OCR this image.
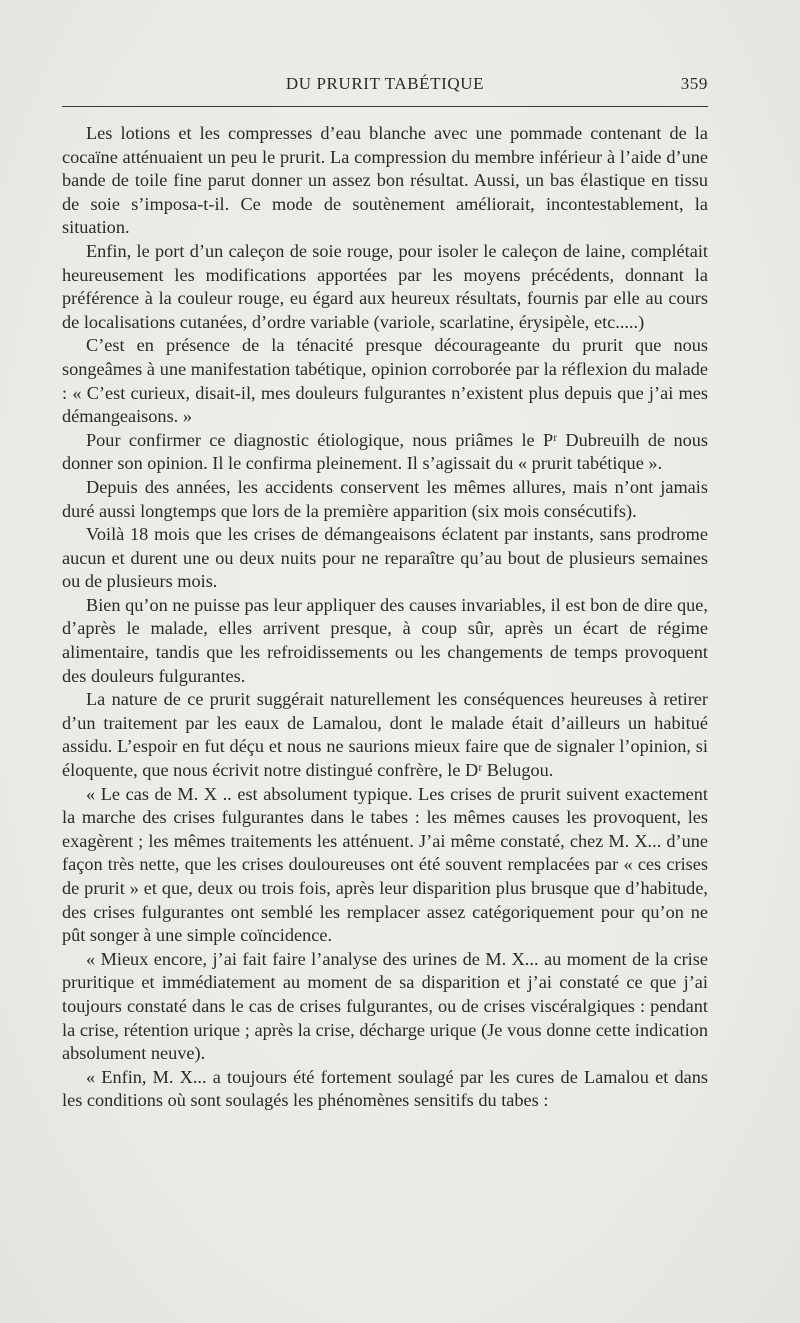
DU PRURIT TABÉTIQUE	359

Les lotions et les compresses d’eau blanche avec une pommade contenant de la cocaïne atténuaient un peu le prurit. La compression du membre inférieur à l’aide d’une bande de toile fine parut donner un assez bon résultat. Aussi, un bas élastique en tissu de soie s’imposa-t-il. Ce mode de soutènement améliorait, incontestablement, la situation.

Enfin, le port d’un caleçon de soie rouge, pour isoler le caleçon de laine, complétait heureusement les modifications apportées par les moyens précédents, donnant la préférence à la couleur rouge, eu égard aux heureux résultats, fournis par elle au cours de localisations cutanées, d’ordre variable (variole, scarlatine, érysipèle, etc.....)

C’est en présence de la ténacité presque décourageante du prurit que nous songeâmes à une manifestation tabétique, opinion corroborée par la réflexion du malade : « C’est curieux, disait-il, mes douleurs fulgurantes n’existent plus depuis que j’ai mes démangeaisons. »

Pour confirmer ce diagnostic étiologique, nous priâmes le Pʳ Dubreuilh de nous donner son opinion. Il le confirma pleinement. Il s’agissait du « prurit tabétique ».

Depuis des années, les accidents conservent les mêmes allures, mais n’ont jamais duré aussi longtemps que lors de la première apparition (six mois consécutifs).

Voilà 18 mois que les crises de démangeaisons éclatent par instants, sans prodrome aucun et durent une ou deux nuits pour ne reparaître qu’au bout de plusieurs semaines ou de plusieurs mois.

Bien qu’on ne puisse pas leur appliquer des causes invariables, il est bon de dire que, d’après le malade, elles arrivent presque, à coup sûr, après un écart de régime alimentaire, tandis que les refroidissements ou les changements de temps provoquent des douleurs fulgurantes.

La nature de ce prurit suggérait naturellement les conséquences heureuses à retirer d’un traitement par les eaux de Lamalou, dont le malade était d’ailleurs un habitué assidu. L’espoir en fut déçu et nous ne saurions mieux faire que de signaler l’opinion, si éloquente, que nous écrivit notre distingué confrère, le Dʳ Belugou.

« Le cas de M. X .. est absolument typique. Les crises de prurit suivent exactement la marche des crises fulgurantes dans le tabes : les mêmes causes les provoquent, les exagèrent ; les mêmes traitements les atténuent. J’ai même constaté, chez M. X... d’une façon très nette, que les crises douloureuses ont été souvent remplacées par « ces crises de prurit » et que, deux ou trois fois, après leur disparition plus brusque que d’habitude, des crises fulgurantes ont semblé les remplacer assez catégoriquement pour qu’on ne pût songer à une simple coïncidence.

« Mieux encore, j’ai fait faire l’analyse des urines de M. X... au moment de la crise pruritique et immédiatement au moment de sa disparition et j’ai constaté ce que j’ai toujours constaté dans le cas de crises fulgurantes, ou de crises viscéralgiques : pendant la crise, rétention urique ; après la crise, décharge urique (Je vous donne cette indication absolument neuve).

« Enfin, M. X... a toujours été fortement soulagé par les cures de Lamalou et dans les conditions où sont soulagés les phénomènes sensitifs du tabes :
